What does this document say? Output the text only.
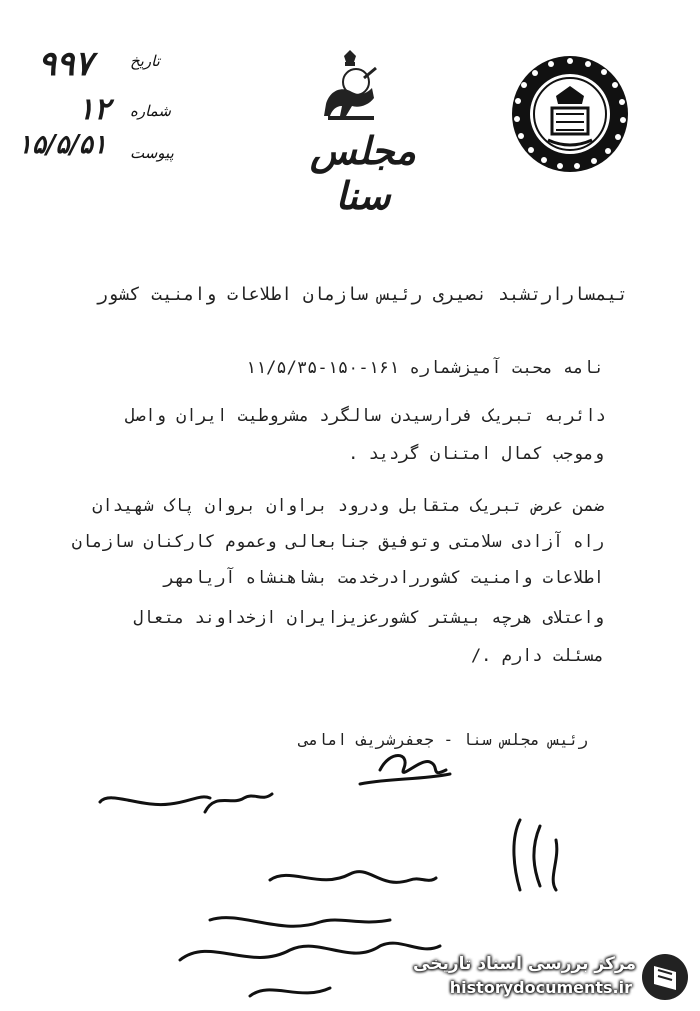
۹۹۷ تاریخ
۱۲ شماره
۱۵/۵/۵۱ پیوست	مجلس سنا
تیمسارارتشبد نصیری رئیس سازمان اطلاعات وامنیت کشور
نامه محبت آمیزشماره ۱۶۱-۱۵۰-۱۱/۵/۳۵
دائربه تبریک فرارسیدن سالگرد مشروطیت ایران واصل
وموجب کمال امتنان گردید .
ضمن عرض تبریک متقابل ودرود براوان بروان پاک شهیدان
راه آزادی سلامتی وتوفیق جنابعالی وعموم کارکنان سازمان
اطلاعات وامنیت کشوررادرخدمت بشاهنشاه آریامهر
واعتلای هرچه بیشتر کشورعزیزایران ازخداوند متعال
مسئلت دارم ./
رئیس مجلس سنا - جعفرشریف امامی
مرکز بررسی اسناد تاریخی
historydocuments.ir
